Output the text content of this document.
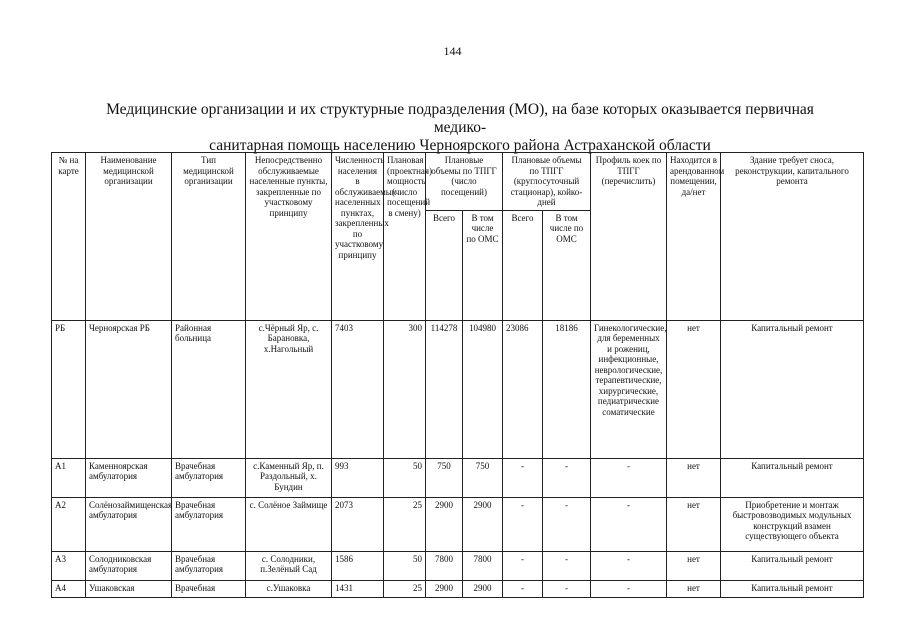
144
Медицинские организации и их структурные подразделения (МО), на базе которых оказывается первичная медико-
санитарная помощь населению Черноярского района Астраханской области
№ на карте	Наименование медицинской организации	Тип медицинской организации	Непосредственно обслуживаемые населенные пункты, закрепленные по участковому принципу	Численность населения в обслуживаемых населенных пунктах, закрепленных по участковому принципу	Плановая (проектная) мощность (число посещений в смену)	Плановые объемы по ТПГГ (число посещений)		Плановые объемы по ТПГГ (круглосуточный стационар), койко-дней		Профиль коек по ТПГГ (перечислить)	Находится в арендованном помещении, да/нет	Здание требует сноса, реконструкции, капитального ремонта
						Всего	В том числе по ОМС	Всего	В том числе по ОМС			
РБ	Черноярская РБ	Районная больница	с.Чёрный Яр, с. Барановка, х.Нагольный	7403	300	114278	104980	23086	18186	Гинекологические, для беременных и рожениц, инфекционные, неврологические, терапевтические, хирургические, педиатрические соматические	нет	Капитальный ремонт
А1	Каменноярская амбулатория	Врачебная амбулатория	с.Каменный Яр, п. Раздольный, х. Бундин	993	50	750	750	-	-	-	нет	Капитальный ремонт
А2	Солёнозаймищенская амбулатория	Врачебная амбулатория	с. Солёное Займище	2073	25	2900	2900	-	-	-	нет	Приобретение и монтаж быстровозводимых модульных конструкций взамен существующего объекта
А3	Солодниковская амбулатория	Врачебная амбулатория	с. Солодники, п.Зелёный Сад	1586	50	7800	7800	-	-	-	нет	Капитальный ремонт
А4	Ушаковская	Врачебная	с.Ушаковка	1431	25	2900	2900	-	-	-	нет	Капитальный ремонт
